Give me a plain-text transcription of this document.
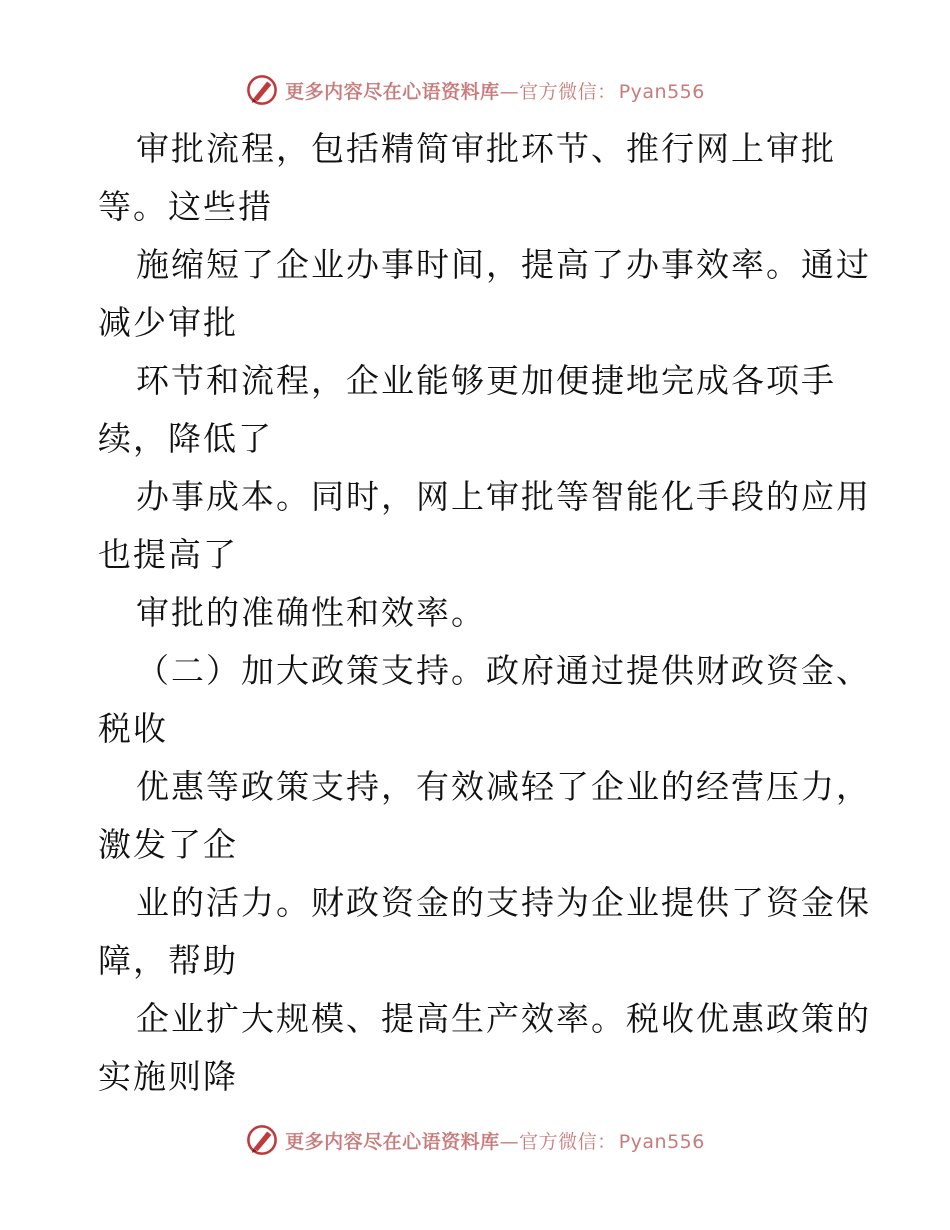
更多内容尽在心语资料库—官方微信： Pyan556
审批流程，包括精简审批环节、推行网上审批
等。这些措
施缩短了企业办事时间，提高了办事效率。通过
减少审批
环节和流程，企业能够更加便捷地完成各项手
续，降低了
办事成本。同时，网上审批等智能化手段的应用
也提高了
审批的准确性和效率。
（二）加大政策支持。政府通过提供财政资金、
税收
优惠等政策支持，有效减轻了企业的经营压力，
激发了企
业的活力。财政资金的支持为企业提供了资金保
障，帮助
企业扩大规模、提高生产效率。税收优惠政策的
实施则降
更多内容尽在心语资料库—官方微信： Pyan556
